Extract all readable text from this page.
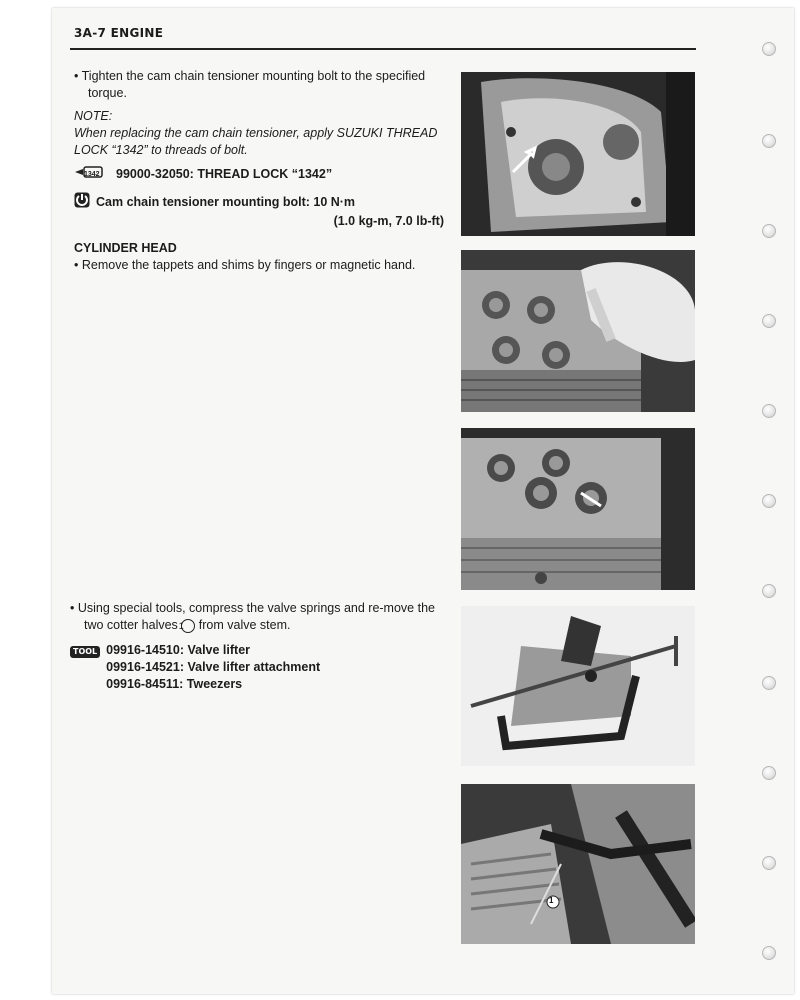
3A-7 ENGINE
• Tighten the cam chain tensioner mounting bolt to the specified torque.
NOTE:
When replacing the cam chain tensioner, apply SUZUKI THREAD LOCK “1342” to threads of bolt.
1342 99000-32050: THREAD LOCK “1342”
Cam chain tensioner mounting bolt: 10 N·m
(1.0 kg-m, 7.0 lb-ft)
CYLINDER HEAD
• Remove the tappets and shims by fingers or magnetic hand.
• Using special tools, compress the valve springs and re-move the two cotter halves 1 from valve stem.
TOOL 09916-14510: Valve lifter
09916-14521: Valve lifter attachment
09916-84511: Tweezers
1
